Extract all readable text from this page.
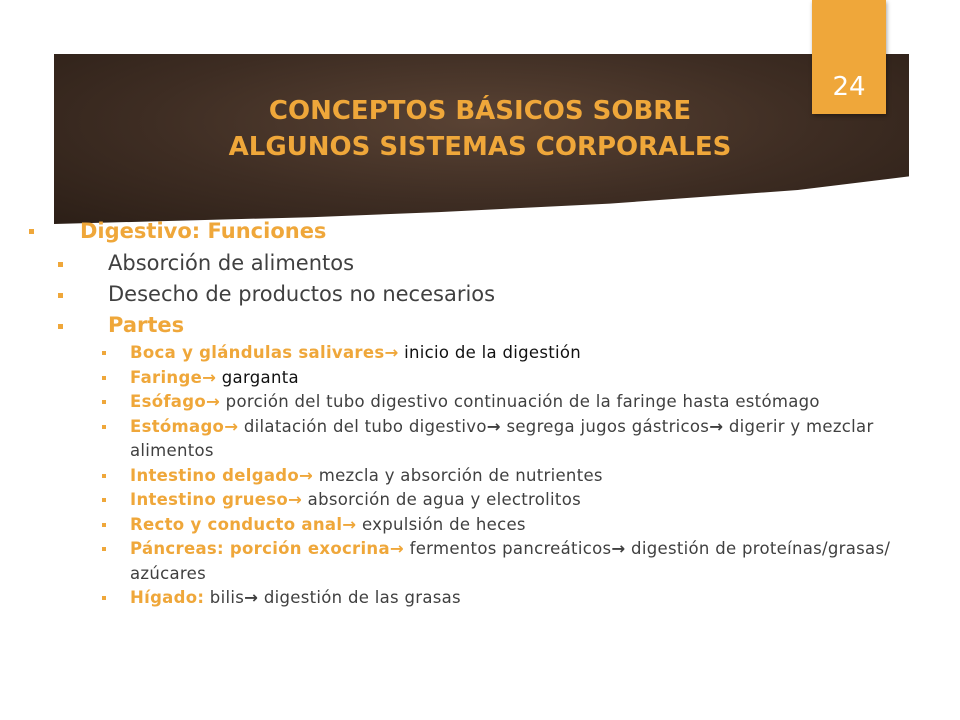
CONCEPTOS BÁSICOS SOBRE
ALGUNOS SISTEMAS CORPORALES
24
Digestivo: Funciones
Absorción de alimentos
Desecho de productos no necesarios
Partes
Boca y glándulas salivares→ inicio de la digestión
Faringe→ garganta
Esófago→ porción del tubo digestivo continuación de la faringe hasta estómago
Estómago→ dilatación del tubo digestivo→ segrega jugos gástricos→ digerir y mezclar alimentos
Intestino delgado→ mezcla y absorción de nutrientes
Intestino grueso→ absorción de agua y electrolitos
Recto y conducto anal→ expulsión de heces
Páncreas: porción exocrina→ fermentos pancreáticos→ digestión de proteínas/grasas/ azúcares
Hígado: bilis→ digestión de las grasas
